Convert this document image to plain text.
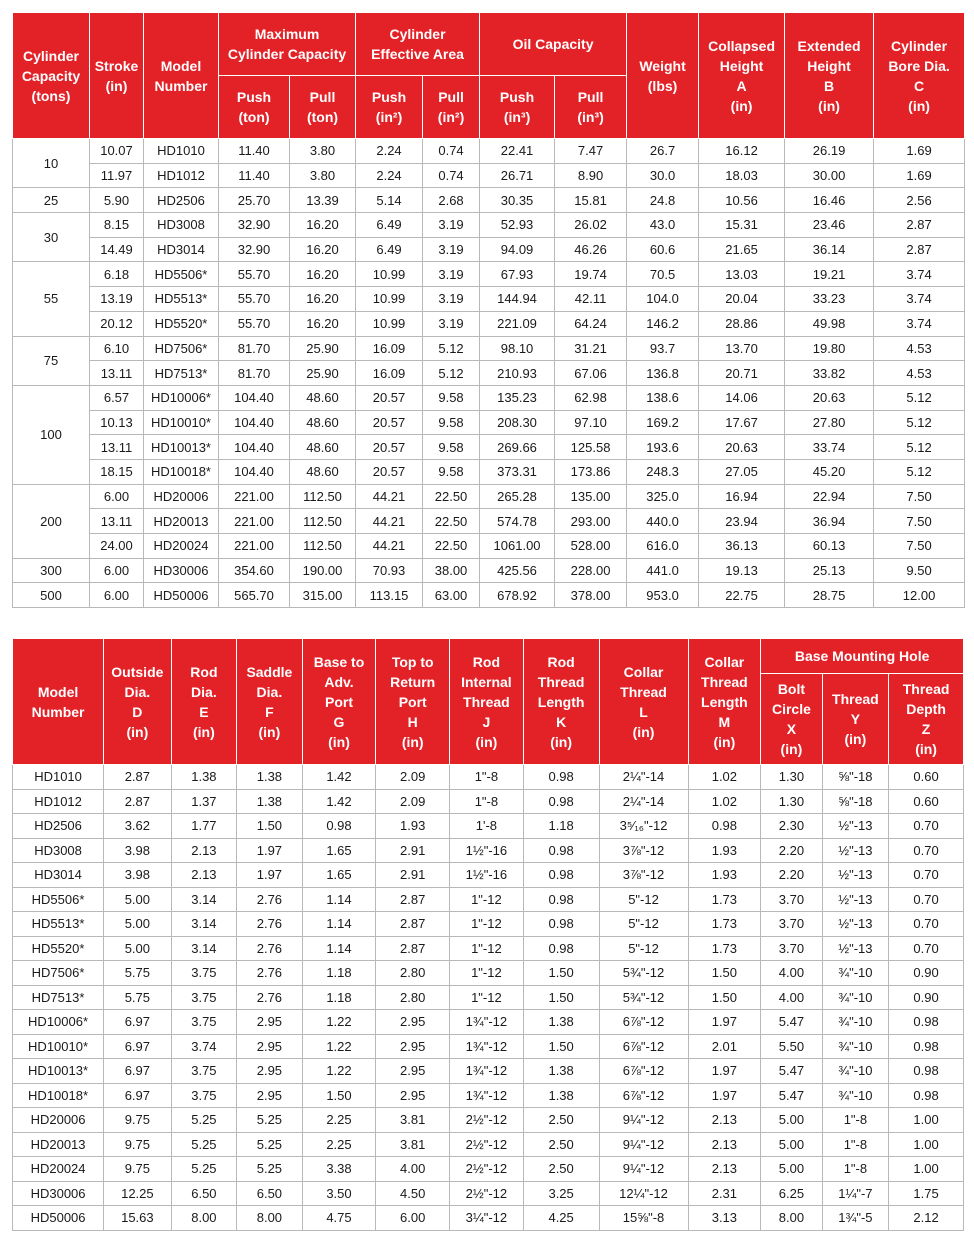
Cylinder
Capacity
(tons)	Stroke
(in)	Model
Number	Maximum
Cylinder Capacity		Cylinder
Effective Area		Oil Capacity		Weight
(lbs)	Collapsed
Height
A
(in)	Extended
Height
B
(in)	Cylinder
Bore Dia.
C
(in)
			Push
(ton)	Pull
(ton)	Push
(in²)	Pull
(in²)	Push
(in³)	Pull
(in³)				
10	10.07	HD1010	11.40	3.80	2.24	0.74	22.41	7.47	26.7	16.12	26.19	1.69
	11.97	HD1012	11.40	3.80	2.24	0.74	26.71	8.90	30.0	18.03	30.00	1.69
25	5.90	HD2506	25.70	13.39	5.14	2.68	30.35	15.81	24.8	10.56	16.46	2.56
30	8.15	HD3008	32.90	16.20	6.49	3.19	52.93	26.02	43.0	15.31	23.46	2.87
	14.49	HD3014	32.90	16.20	6.49	3.19	94.09	46.26	60.6	21.65	36.14	2.87
55	6.18	HD5506*	55.70	16.20	10.99	3.19	67.93	19.74	70.5	13.03	19.21	3.74
	13.19	HD5513*	55.70	16.20	10.99	3.19	144.94	42.11	104.0	20.04	33.23	3.74
	20.12	HD5520*	55.70	16.20	10.99	3.19	221.09	64.24	146.2	28.86	49.98	3.74
75	6.10	HD7506*	81.70	25.90	16.09	5.12	98.10	31.21	93.7	13.70	19.80	4.53
	13.11	HD7513*	81.70	25.90	16.09	5.12	210.93	67.06	136.8	20.71	33.82	4.53
100	6.57	HD10006*	104.40	48.60	20.57	9.58	135.23	62.98	138.6	14.06	20.63	5.12
	10.13	HD10010*	104.40	48.60	20.57	9.58	208.30	97.10	169.2	17.67	27.80	5.12
	13.11	HD10013*	104.40	48.60	20.57	9.58	269.66	125.58	193.6	20.63	33.74	5.12
	18.15	HD10018*	104.40	48.60	20.57	9.58	373.31	173.86	248.3	27.05	45.20	5.12
200	6.00	HD20006	221.00	112.50	44.21	22.50	265.28	135.00	325.0	16.94	22.94	7.50
	13.11	HD20013	221.00	112.50	44.21	22.50	574.78	293.00	440.0	23.94	36.94	7.50
	24.00	HD20024	221.00	112.50	44.21	22.50	1061.00	528.00	616.0	36.13	60.13	7.50
300	6.00	HD30006	354.60	190.00	70.93	38.00	425.56	228.00	441.0	19.13	25.13	9.50
500	6.00	HD50006	565.70	315.00	113.15	63.00	678.92	378.00	953.0	22.75	28.75	12.00
Model
Number	Outside
Dia.
D
(in)	Rod
Dia.
E
(in)	Saddle
Dia.
F
(in)	Base to
Adv.
Port
G
(in)	Top to
Return
Port
H
(in)	Rod
Internal
Thread
J
(in)	Rod
Thread
Length
K
(in)	Collar
Thread
L
(in)	Collar
Thread
Length
M
(in)	Base Mounting Hole		
										Bolt
Circle
X
(in)	Thread
Y
(in)	Thread
Depth
Z
(in)
HD1010	2.87	1.38	1.38	1.42	2.09	1"-8	0.98	2¼"-14	1.02	1.30	⅝"-18	0.60
HD1012	2.87	1.37	1.38	1.42	2.09	1"-8	0.98	2¼"-14	1.02	1.30	⅝"-18	0.60
HD2506	3.62	1.77	1.50	0.98	1.93	1'-8	1.18	3⁵⁄₁₆"-12	0.98	2.30	½"-13	0.70
HD3008	3.98	2.13	1.97	1.65	2.91	1½"-16	0.98	3⅞"-12	1.93	2.20	½"-13	0.70
HD3014	3.98	2.13	1.97	1.65	2.91	1½"-16	0.98	3⅞"-12	1.93	2.20	½"-13	0.70
HD5506*	5.00	3.14	2.76	1.14	2.87	1"-12	0.98	5"-12	1.73	3.70	½"-13	0.70
HD5513*	5.00	3.14	2.76	1.14	2.87	1"-12	0.98	5"-12	1.73	3.70	½"-13	0.70
HD5520*	5.00	3.14	2.76	1.14	2.87	1"-12	0.98	5"-12	1.73	3.70	½"-13	0.70
HD7506*	5.75	3.75	2.76	1.18	2.80	1"-12	1.50	5¾"-12	1.50	4.00	¾"-10	0.90
HD7513*	5.75	3.75	2.76	1.18	2.80	1"-12	1.50	5¾"-12	1.50	4.00	¾"-10	0.90
HD10006*	6.97	3.75	2.95	1.22	2.95	1¾"-12	1.38	6⅞"-12	1.97	5.47	¾"-10	0.98
HD10010*	6.97	3.74	2.95	1.22	2.95	1¾"-12	1.50	6⅞"-12	2.01	5.50	¾"-10	0.98
HD10013*	6.97	3.75	2.95	1.22	2.95	1¾"-12	1.38	6⅞"-12	1.97	5.47	¾"-10	0.98
HD10018*	6.97	3.75	2.95	1.50	2.95	1¾"-12	1.38	6⅞"-12	1.97	5.47	¾"-10	0.98
HD20006	9.75	5.25	5.25	2.25	3.81	2½"-12	2.50	9¼"-12	2.13	5.00	1"-8	1.00
HD20013	9.75	5.25	5.25	2.25	3.81	2½"-12	2.50	9¼"-12	2.13	5.00	1"-8	1.00
HD20024	9.75	5.25	5.25	3.38	4.00	2½"-12	2.50	9¼"-12	2.13	5.00	1"-8	1.00
HD30006	12.25	6.50	6.50	3.50	4.50	2½"-12	3.25	12¼"-12	2.31	6.25	1¼"-7	1.75
HD50006	15.63	8.00	8.00	4.75	6.00	3¼"-12	4.25	15⅝"-8	3.13	8.00	1¾"-5	2.12
